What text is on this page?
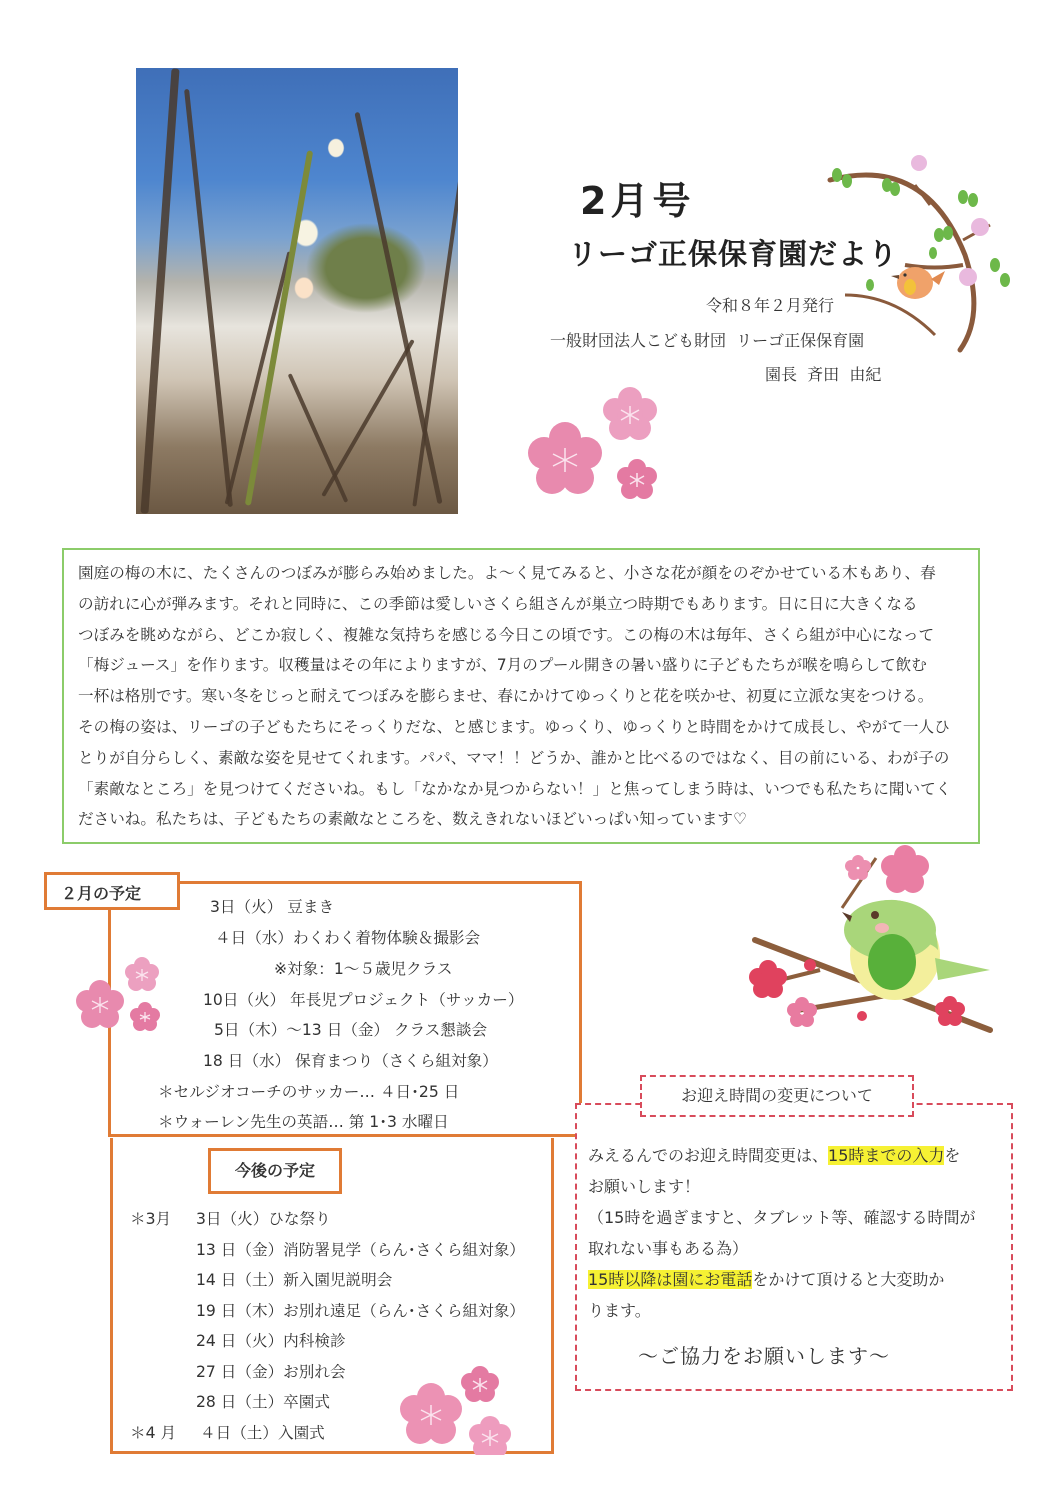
2月号
リーゴ正保保育園だより
令和８年２月発行
一般財団法人こども財団  リーゴ正保保育園
園長  斉田  由紀

園庭の梅の木に、たくさんのつぼみが膨らみ始めました。よ～く見てみると、小さな花が顔をのぞかせている木もあり、春

の訪れに心が弾みます。それと同時に、この季節は愛しいさくら組さんが巣立つ時期でもあります。日に日に大きくなる

つぼみを眺めながら、どこか寂しく、複雑な気持ちを感じる今日この頃です。この梅の木は毎年、さくら組が中心になって

「梅ジュース」を作ります。収穫量はその年によりますが、7月のプール開きの暑い盛りに子どもたちが喉を鳴らして飲む

一杯は格別です。寒い冬をじっと耐えてつぼみを膨らませ、春にかけてゆっくりと花を咲かせ、初夏に立派な実をつける。

その梅の姿は、リーゴの子どもたちにそっくりだな、と感じます。ゆっくり、ゆっくりと時間をかけて成長し、やがて一人ひ

とりが自分らしく、素敵な姿を見せてくれます。パパ、ママ！！どうか、誰かと比べるのではなく、目の前にいる、わが子の

「素敵なところ」を見つけてくださいね。もし「なかなか見つからない！」と焦ってしまう時は、いつでも私たちに聞いてく

ださいね。私たちは、子どもたちの素敵なところを、数えきれないほどいっぱい知っています♡

２月の予定
3日（火） 豆まき
４日（水）わくわく着物体験＆撮影会
※対象：1～５歳児クラス
10日（火） 年長児プロジェクト（サッカー）
5日（木）～13 日（金） クラス懇談会
18 日（水） 保育まつり（さくら組対象）
＊セルジオコーチのサッカー… ４日･25 日
＊ウォーレン先生の英語… 第 1･3 水曜日
今後の予定
＊3月 3日（火）ひな祭り
13 日（金）消防署見学（らん･さくら組対象）
14 日（土）新入園児説明会
19 日（木）お別れ遠足（らん･さくら組対象）
24 日（火）内科検診
27 日（金）お別れ会
28 日（土）卒園式
＊4 月 ４日（土）入園式
お迎え時間の変更について

みえるんでのお迎え時間変更は、15時までの入力を

お願いします！

（15時を過ぎますと、タブレット等、確認する時間が

取れない事もある為）

15時以降は園にお電話をかけて頂けると大変助か

ります。

～ご協力をお願いします～
